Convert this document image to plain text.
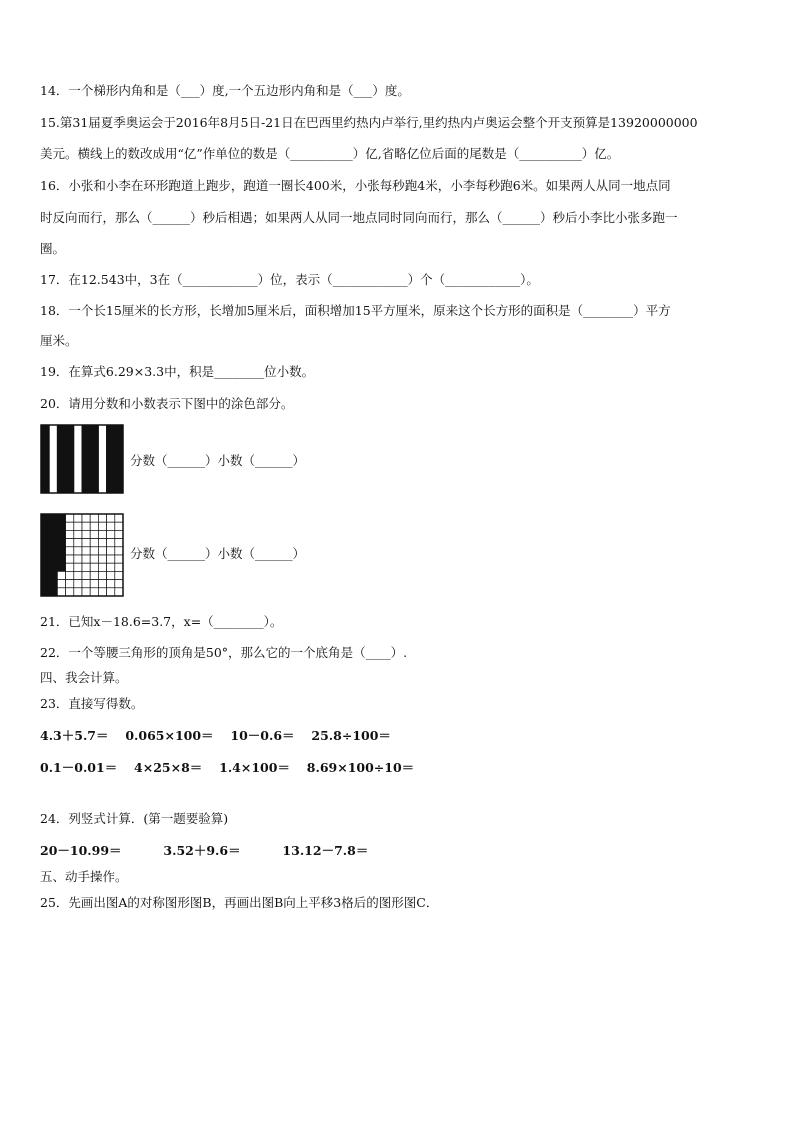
14．一个梯形内角和是（___）度,一个五边形内角和是（___）度。
15.第31届夏季奥运会于2016年8月5日-21日在巴西里约热内卢举行,里约热内卢奥运会整个开支预算是13920000000
美元。横线上的数改成用“亿”作单位的数是（__________）亿,省略亿位后面的尾数是（__________）亿。
16．小张和小李在环形跑道上跑步，跑道一圈长400米，小张每秒跑4米，小李每秒跑6米。如果两人从同一地点同
时反向而行，那么（______）秒后相遇；如果两人从同一地点同时同向而行，那么（______）秒后小李比小张多跑一
圈。
17．在12.543中，3在（____________）位，表示（____________）个（____________）。
18．一个长15厘米的长方形，长增加5厘米后，面积增加15平方厘米，原来这个长方形的面积是（________）平方
厘米。
19．在算式6.29×3.3中，积是________位小数。
20．请用分数和小数表示下图中的涂色部分。
分数（______）小数（______）
分数（______）小数（______）
21．已知x－18.6=3.7，x=（________）。
22．一个等腰三角形的顶角是50°，那么它的一个底角是（____）.
四、我会计算。
23．直接写得数。
4.3＋5.7＝　 0.065×100＝　 10－0.6＝　 25.8÷100＝
0.1－0.01＝　 4×25×8＝　 1.4×100＝　 8.69×100÷10＝
24．列竖式计算．(第一题要验算)
20－10.99＝　　　 3.52＋9.6＝　　　 13.12－7.8＝
五、动手操作。
25．先画出图A的对称图形图B，再画出图B向上平移3格后的图形图C．
